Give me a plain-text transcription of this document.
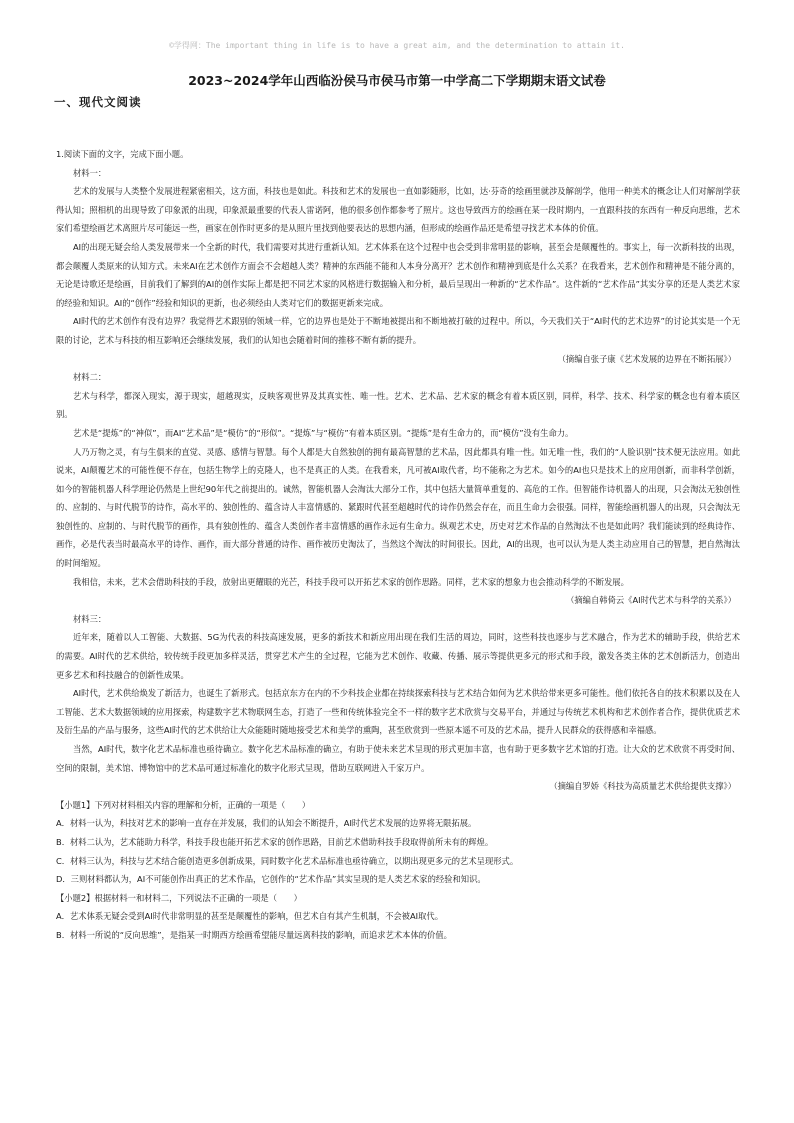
©学得网：The important thing in life is to have a great aim, and the determination to attain it.
2023~2024学年山西临汾侯马市侯马市第一中学高二下学期期末语文试卷
一、现代文阅读

1.阅读下面的文字，完成下面小题。

材料一：

艺术的发展与人类整个发展进程紧密相关，这方面，科技也是如此。科技和艺术的发展也一直如影随形，比如，达·芬奇的绘画里就涉及解剖学，他用一种美术的概念让人们对解剖学获得认知；照相机的出现导致了印象派的出现，印象派最重要的代表人雷诺阿，他的很多创作都参考了照片。这也导致西方的绘画在某一段时期内，一直跟科技的东西有一种反向思维，艺术家们希望绘画艺术离照片尽可能远一些，画家在创作时更多的是从照片里找到他要表达的思想内涵，但形成的绘画作品还是希望寻找艺术本体的价值。

AI的出现无疑会给人类发展带来一个全新的时代，我们需要对其进行重新认知。艺术体系在这个过程中也会受到非常明显的影响，甚至会是颠覆性的。事实上，每一次新科技的出现，都会颠覆人类原来的认知方式。未来AI在艺术创作方面会不会超越人类？精神的东西能不能和人本身分离开？艺术创作和精神到底是什么关系？在我看来，艺术创作和精神是不能分离的，无论是诗歌还是绘画，目前我们了解到的AI的创作实际上都是把不同艺术家的风格进行数据输入和分析，最后呈现出一种新的“艺术作品”。这件新的“艺术作品”其实分享的还是人类艺术家的经验和知识。AI的“创作”经验和知识的更新，也必须经由人类对它们的数据更新来完成。

AI时代的艺术创作有没有边界？我觉得艺术跟别的领域一样，它的边界也是处于不断地被提出和不断地被打破的过程中。所以，今天我们关于“AI时代的艺术边界”的讨论其实是一个无限的讨论，艺术与科技的相互影响还会继续发展，我们的认知也会随着时间的推移不断有新的提升。

（摘编自张子康《艺术发展的边界在不断拓展》）

材料二：

艺术与科学，都深入现实，源于现实，超越现实，反映客观世界及其真实性、唯一性。艺术、艺术品、艺术家的概念有着本质区别，同样，科学、技术、科学家的概念也有着本质区别。

艺术是“提炼”的“神似”，而AI“艺术品”是“模仿”的“形似”。“提炼”与“模仿”有着本质区别。“提炼”是有生命力的，而“模仿”没有生命力。

人乃万物之灵，有与生俱来的直觉、灵感、感情与智慧。每个人都是大自然独创的拥有最高智慧的艺术品，因此都具有唯一性。如无唯一性，我们的“人脸识别”技术便无法应用。如此说来，AI颠覆艺术的可能性便不存在，包括生物学上的克隆人，也不是真正的人类。在我看来，凡可被AI取代者，均不能称之为艺术。如今的AI也只是技术上的应用创新，而非科学创新，如今的智能机器人科学理论仍然是上世纪90年代之前提出的。诚然，智能机器人会淘汰大部分工作，其中包括大量简单重复的、高危的工作。但智能作诗机器人的出现，只会淘汰无独创性的、应制的、与时代脱节的诗作，高水平的、独创性的、蕴含诗人丰富情感的、紧跟时代甚至超越时代的诗作仍然会存在，而且生命力会很强。同样，智能绘画机器人的出现，只会淘汰无独创性的、应制的、与时代脱节的画作，具有独创性的、蕴含人类创作者丰富情感的画作永远有生命力。纵观艺术史，历史对艺术作品的自然淘汰不也是如此吗？我们能读到的经典诗作、画作，必是代表当时最高水平的诗作、画作，而大部分普通的诗作、画作被历史淘汰了，当然这个淘汰的时间很长。因此，AI的出现，也可以认为是人类主动应用自己的智慧，把自然淘汰的时间缩短。

我相信，未来，艺术会借助科技的手段，放射出更耀眼的光芒，科技手段可以开拓艺术家的创作思路。同样，艺术家的想象力也会推动科学的不断发展。

（摘编自韩倚云《AI时代艺术与科学的关系》）

材料三：

近年来，随着以人工智能、大数据、5G为代表的科技高速发展，更多的新技术和新应用出现在我们生活的周边，同时，这些科技也逐步与艺术融合，作为艺术的辅助手段，供给艺术的需要。AI时代的艺术供给，较传统手段更加多样灵活，贯穿艺术产生的全过程，它能为艺术创作、收藏、传播、展示等提供更多元的形式和手段，激发各类主体的艺术创新活力，创造出更多艺术和科技融合的创新性成果。

AI时代，艺术供给焕发了新活力，也诞生了新形式。包括京东方在内的不少科技企业都在持续探索科技与艺术结合如何为艺术供给带来更多可能性。他们依托各自的技术积累以及在人工智能、艺术大数据领域的应用探索，构建数字艺术物联网生态，打造了一些和传统体验完全不一样的数字艺术欣赏与交易平台，并通过与传统艺术机构和艺术创作者合作，提供优质艺术及衍生品的产品与服务，这些AI时代的艺术供给让大众能随时随地接受艺术和美学的熏陶，甚至欣赏到一些原本遥不可及的艺术品，提升人民群众的获得感和幸福感。

当然，AI时代，数字化艺术品标准也亟待确立。数字化艺术品标准的确立，有助于使未来艺术呈现的形式更加丰富，也有助于更多数字艺术馆的打造。让大众的艺术欣赏不再受时间、空间的限制，美术馆、博物馆中的艺术品可通过标准化的数字化形式呈现，借助互联网进入千家万户。

（摘编自罗娇《科技为高质量艺术供给提供支撑》）

【小题1】下列对材料相关内容的理解和分析，正确的一项是（　　）

A．材料一认为，科技对艺术的影响一直存在并发展，我们的认知会不断提升，AI时代艺术发展的边界将无限拓展。

B．材料二认为，艺术能助力科学，科技手段也能开拓艺术家的创作思路，目前艺术借助科技手段取得前所未有的辉煌。

C．材料三认为，科技与艺术结合能创造更多创新成果，同时数字化艺术品标准也亟待确立，以期出现更多元的艺术呈现形式。

D．三则材料都认为，AI不可能创作出真正的艺术作品，它创作的“艺术作品”其实呈现的是人类艺术家的经验和知识。

【小题2】根据材料一和材料二，下列说法不正确的一项是（　　）

A．艺术体系无疑会受到AI时代非常明显的甚至是颠覆性的影响，但艺术自有其产生机制，不会被AI取代。

B．材料一所说的“反向思维”，是指某一时期西方绘画希望能尽量远离科技的影响，而追求艺术本体的价值。
